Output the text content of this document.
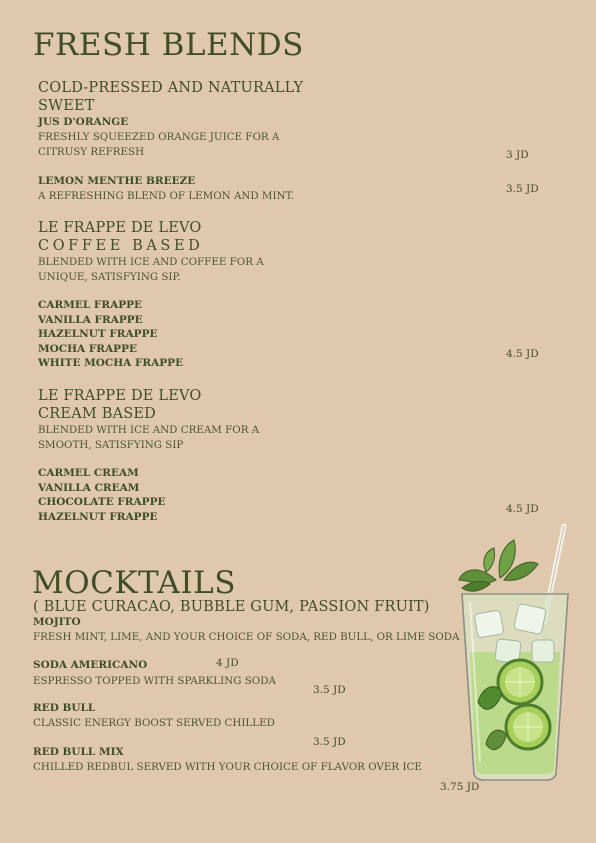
FRESH BLENDS
COLD-PRESSED AND NATURALLY
SWEET
JUS D'ORANGE
FRESHLY SQUEEZED ORANGE JUICE FOR A
CITRUSY REFRESH	3 JD
LEMON MENTHE BREEZE
A REFRESHING BLEND OF LEMON AND MINT.
3.5 JD
LE FRAPPE DE LEVO
COFFEE BASED
BLENDED WITH ICE AND COFFEE FOR A
UNIQUE, SATISFYING SIP.
CARMEL FRAPPE
VANILLA FRAPPE
HAZELNUT FRAPPE
MOCHA FRAPPE
WHITE MOCHA FRAPPE
4.5 JD
LE FRAPPE DE LEVO
CREAM BASED
BLENDED WITH ICE AND CREAM FOR A
SMOOTH, SATISFYING SIP
CARMEL CREAM
VANILLA CREAM
CHOCOLATE FRAPPE
HAZELNUT FRAPPE
4.5 JD
MOCKTAILS
( BLUE CURACAO, BUBBLE GUM, PASSION FRUIT)
MOJITO
FRESH MINT, LIME, AND YOUR CHOICE OF SODA, RED BULL, OR LIME SODA
4 JD
SODA AMERICANO
ESPRESSO TOPPED WITH SPARKLING SODA
3.5 JD
RED BULL
CLASSIC ENERGY BOOST SERVED CHILLED
3.5 JD
RED BULL MIX
CHILLED REDBUL SERVED WITH YOUR CHOICE OF FLAVOR OVER ICE
3.75 JD
